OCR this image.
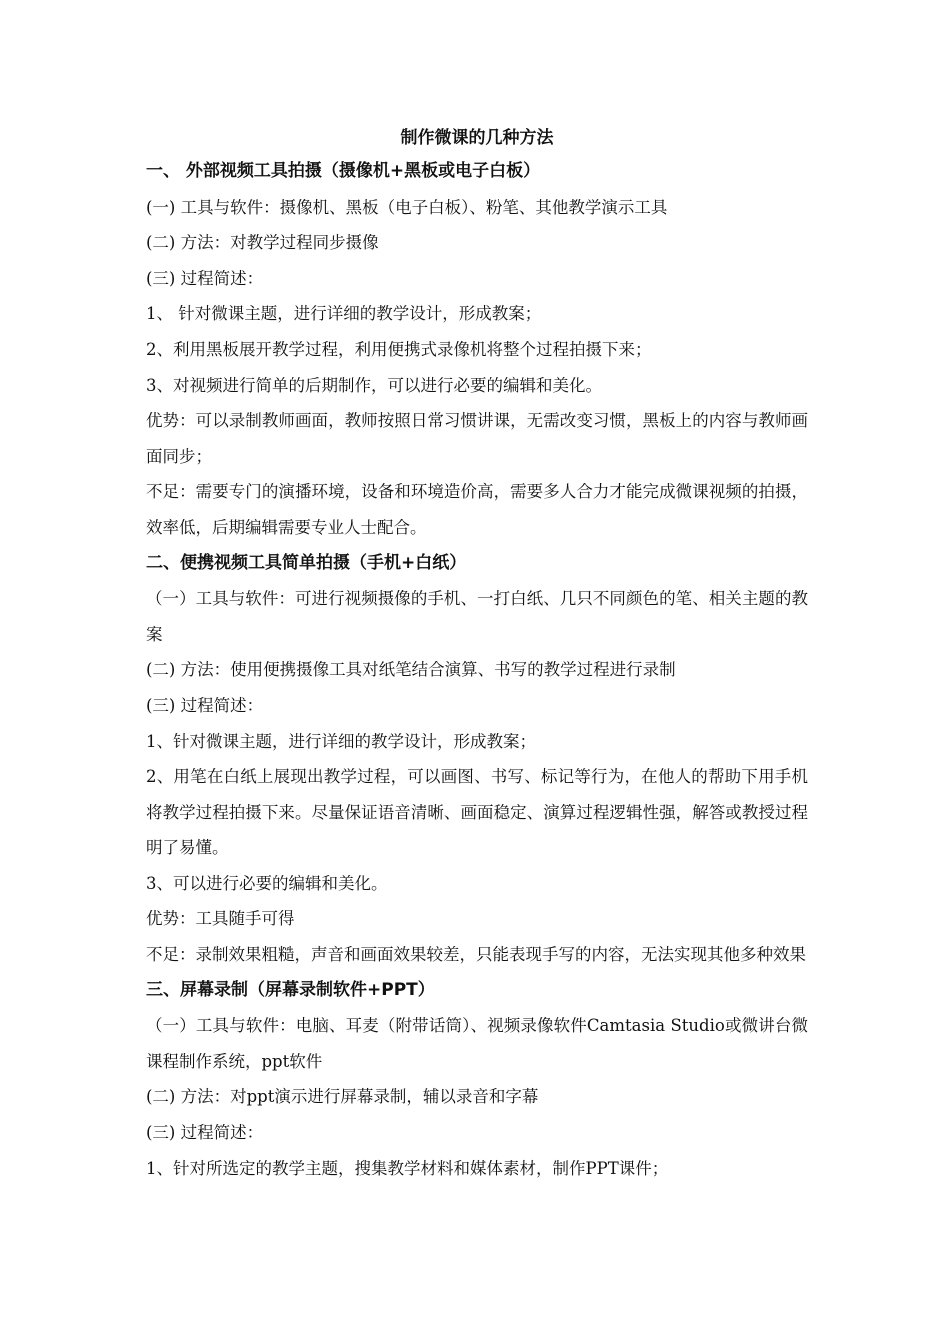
制作微课的几种方法
一、 外部视频工具拍摄（摄像机+黑板或电子白板）
(一) 工具与软件：摄像机、黑板（电子白板）、粉笔、其他教学演示工具
(二) 方法：对教学过程同步摄像
(三) 过程简述：
1、 针对微课主题，进行详细的教学设计，形成教案；
2、利用黑板展开教学过程，利用便携式录像机将整个过程拍摄下来；
3、对视频进行简单的后期制作，可以进行必要的编辑和美化。
优势：可以录制教师画面，教师按照日常习惯讲课，无需改变习惯，黑板上的内容与教师画面同步；
不足：需要专门的演播环境，设备和环境造价高，需要多人合力才能完成微课视频的拍摄，效率低，后期编辑需要专业人士配合。
二、便携视频工具简单拍摄（手机+白纸）
（一）工具与软件：可进行视频摄像的手机、一打白纸、几只不同颜色的笔、相关主题的教案
(二) 方法：使用便携摄像工具对纸笔结合演算、书写的教学过程进行录制
(三) 过程简述：
1、针对微课主题，进行详细的教学设计，形成教案；
2、用笔在白纸上展现出教学过程，可以画图、书写、标记等行为，在他人的帮助下用手机将教学过程拍摄下来。尽量保证语音清晰、画面稳定、演算过程逻辑性强，解答或教授过程明了易懂。
3、可以进行必要的编辑和美化。
优势：工具随手可得
不足：录制效果粗糙，声音和画面效果较差，只能表现手写的内容，无法实现其他多种效果
三、屏幕录制（屏幕录制软件+PPT）
（一）工具与软件：电脑、耳麦（附带话筒）、视频录像软件Camtasia Studio或微讲台微课程制作系统，ppt软件
(二) 方法：对ppt演示进行屏幕录制，辅以录音和字幕
(三) 过程简述：
1、针对所选定的教学主题，搜集教学材料和媒体素材，制作PPT课件；
